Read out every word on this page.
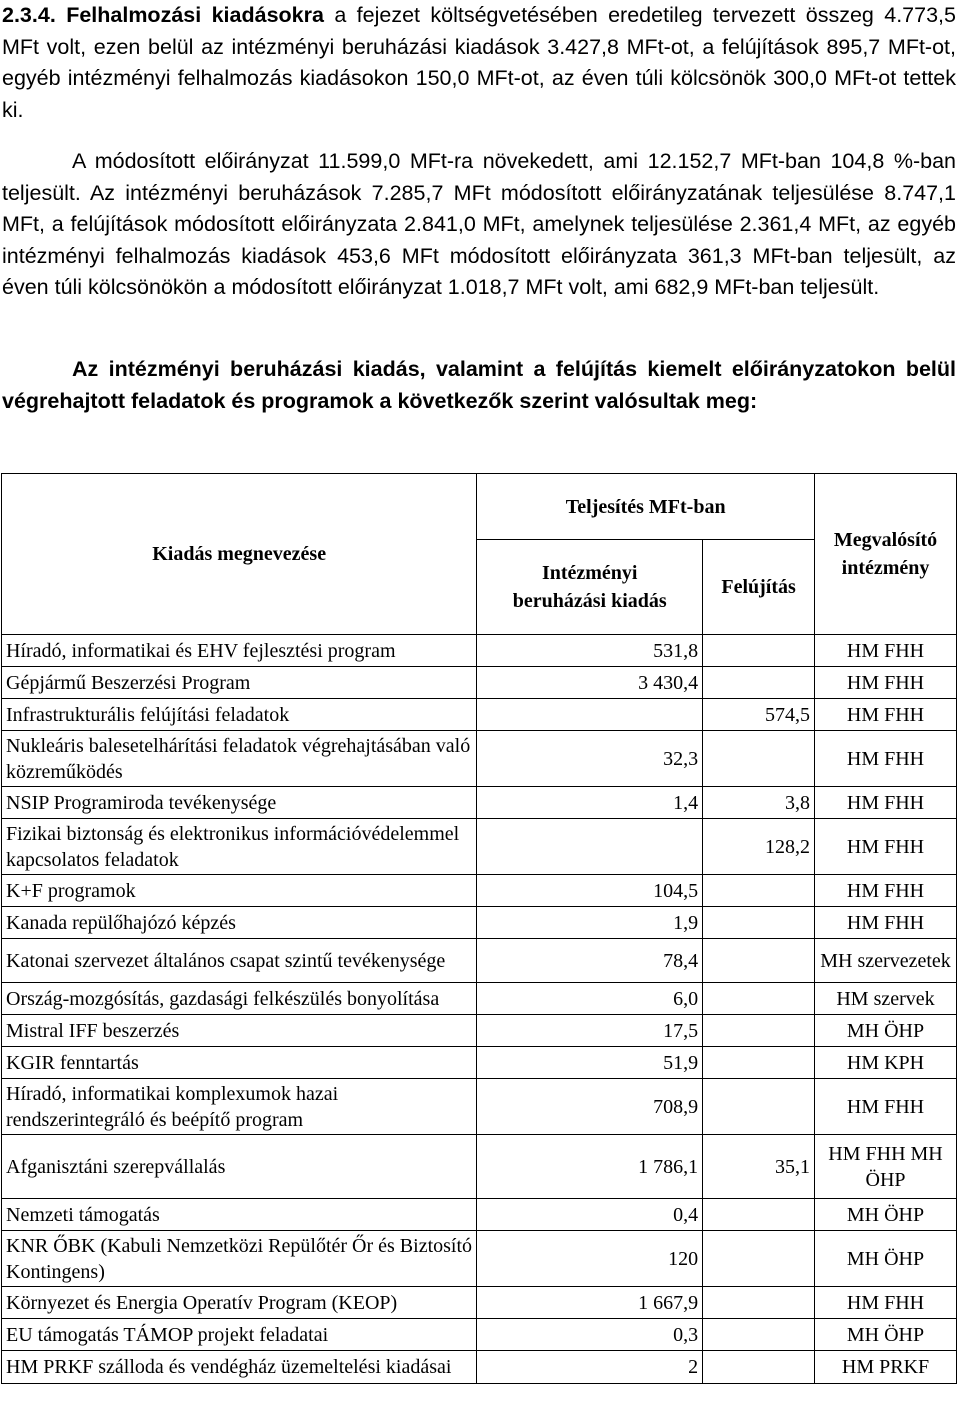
2.3.4. Felhalmozási kiadásokra a fejezet költségvetésében eredetileg tervezett összeg 4.773,5 MFt volt, ezen belül az intézményi beruházási kiadások 3.427,8 MFt-ot, a felújítások 895,7 MFt-ot, egyéb intézményi felhalmozás kiadásokon 150,0 MFt-ot, az éven túli kölcsönök 300,0 MFt-ot tettek ki.

A módosított előirányzat 11.599,0 MFt-ra növekedett, ami 12.152,7 MFt-ban 104,8 %-ban teljesült. Az intézményi beruházások 7.285,7 MFt módosított előirányzatának teljesülése 8.747,1 MFt, a felújítások módosított előirányzata 2.841,0 MFt, amelynek teljesülése 2.361,4 MFt, az egyéb intézményi felhalmozás kiadások 453,6 MFt módosított előirányzata 361,3 MFt-ban teljesült, az éven túli kölcsönökön a módosított előirányzat 1.018,7 MFt volt, ami 682,9 MFt-ban teljesült.

Az intézményi beruházási kiadás, valamint a felújítás kiemelt előirányzatokon belül végrehajtott feladatok és programok a következők szerint valósultak meg:

Kiadás megnevezése	Teljesítés MFt-ban		Megvalósító intézmény
	Intézményi beruházási kiadás	Felújítás	
Híradó, informatikai és EHV fejlesztési program	531,8		HM FHH
Gépjármű Beszerzési Program	3 430,4		HM FHH
Infrastrukturális felújítási feladatok		574,5	HM FHH
Nukleáris balesetelhárítási feladatok végrehajtásában való közreműködés	32,3		HM FHH
NSIP Programiroda tevékenysége	1,4	3,8	HM FHH
Fizikai biztonság és elektronikus információvédelemmel kapcsolatos feladatok		128,2	HM FHH
K+F programok	104,5		HM FHH
Kanada repülőhajózó képzés	1,9		HM FHH
Katonai szervezet általános csapat szintű tevékenysége	78,4		MH szervezetek
Ország-mozgósítás, gazdasági felkészülés bonyolítása	6,0		HM szervek
Mistral IFF beszerzés	17,5		MH ÖHP
KGIR fenntartás	51,9		HM KPH
Híradó, informatikai komplexumok hazai rendszerintegráló és beépítő program	708,9		HM FHH
Afganisztáni szerepvállalás	1 786,1	35,1	HM FHH MH ÖHP
Nemzeti támogatás	0,4		MH ÖHP
KNR ŐBK (Kabuli Nemzetközi Repülőtér Őr és Biztosító Kontingens)	120		MH ÖHP
Környezet és Energia Operatív Program (KEOP)	1 667,9		HM FHH
EU támogatás TÁMOP projekt feladatai	0,3		MH ÖHP
HM PRKF szálloda és vendégház üzemeltelési kiadásai	2		HM PRKF
